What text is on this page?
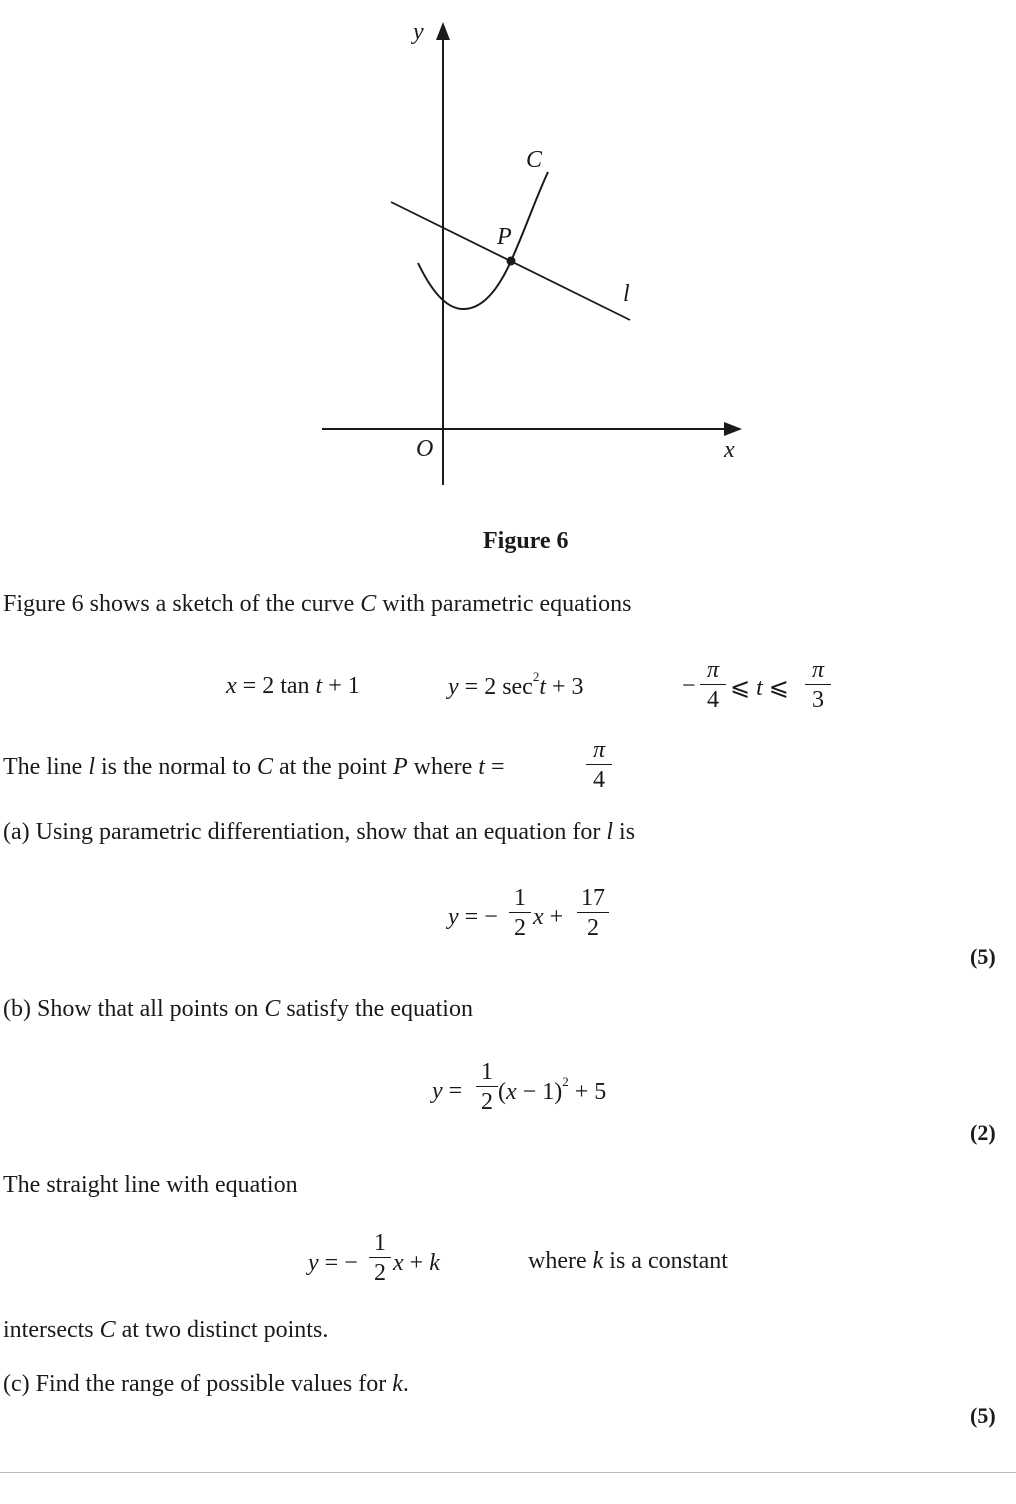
y
x
O
C
P
l
Figure 6
Figure 6 shows a sketch of the curve C with parametric equations
x = 2 tan t + 1	y = 2 $\sec^2t + 3$	−
π
4 ⩽ t ⩽
π
3
The line l is the normal to C at the point P where t =
π
4
(a) Using parametric differentiation, show that an equation for l is
y = −
1
2 x +
17
2
(5)
(b) Show that all points on C satisfy the equation
y =
1
2 $(x - 1)^2 + 5$
(2)
The straight line with equation
y = −
1
2 x + k	where k is a constant
intersects C at two distinct points.
(c) Find the range of possible values for k.
(5)
